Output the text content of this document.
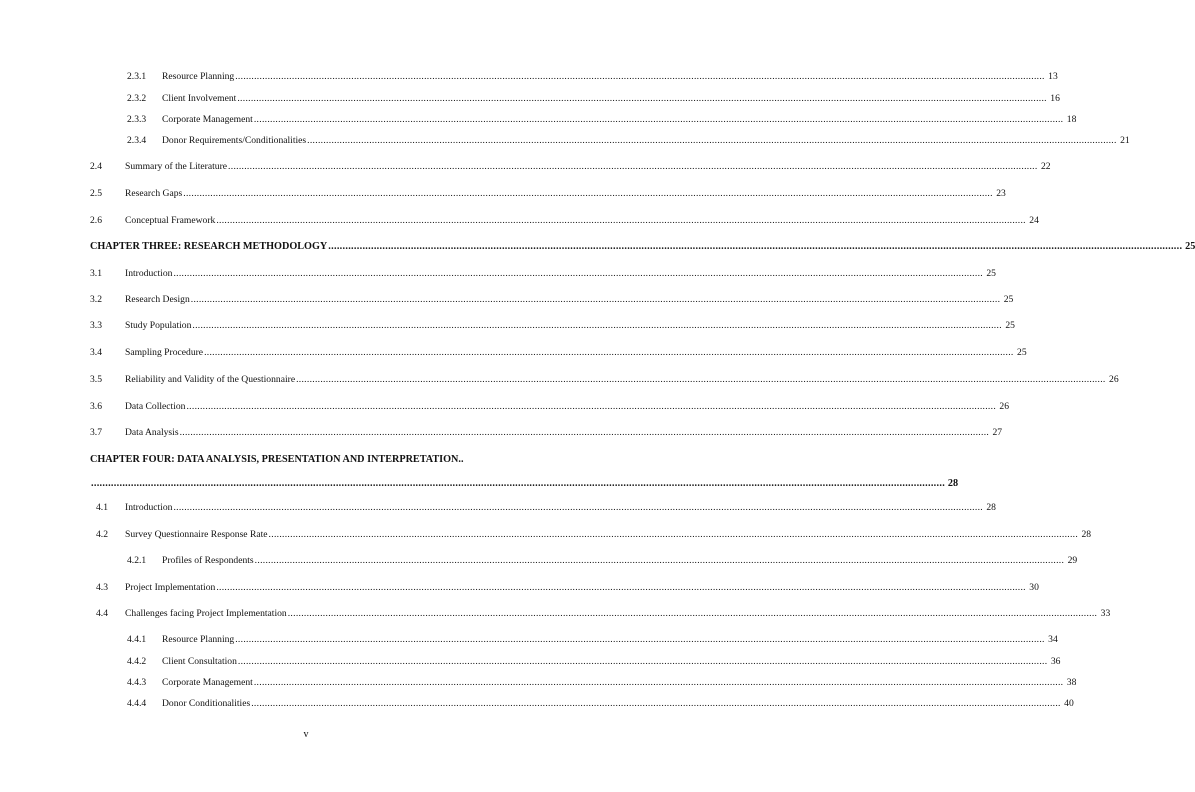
2.3.1 Resource Planning ............................................................................................................................................................................................................................................................................................................ 13
2.3.2 Client Involvement ............................................................................................................................................................................................................................................................................................................ 16
2.3.3 Corporate Management ............................................................................................................................................................................................................................................................................................................ 18
2.3.4 Donor Requirements/Conditionalities ............................................................................................................................................................................................................................................................................................................ 21
2.4 Summary of the Literature ............................................................................................................................................................................................................................................................................................................ 22
2.5 Research Gaps ............................................................................................................................................................................................................................................................................................................ 23
2.6 Conceptual Framework ............................................................................................................................................................................................................................................................................................................ 24
CHAPTER THREE: RESEARCH METHODOLOGY ............................................................................................................................................................................................................................................................................................................ 25
3.1 Introduction ............................................................................................................................................................................................................................................................................................................ 25
3.2 Research Design ............................................................................................................................................................................................................................................................................................................ 25
3.3 Study Population ............................................................................................................................................................................................................................................................................................................ 25
3.4 Sampling Procedure ............................................................................................................................................................................................................................................................................................................ 25
3.5 Reliability and Validity of the Questionnaire ............................................................................................................................................................................................................................................................................................................ 26
3.6 Data Collection ............................................................................................................................................................................................................................................................................................................ 26
3.7 Data Analysis ............................................................................................................................................................................................................................................................................................................ 27
CHAPTER FOUR: DATA ANALYSIS, PRESENTATION AND INTERPRETATION..
............................................................................................................................................................................................................................................................................................................ 28
4.1 Introduction ............................................................................................................................................................................................................................................................................................................ 28
4.2 Survey Questionnaire Response Rate ............................................................................................................................................................................................................................................................................................................ 28
4.2.1 Profiles of Respondents ............................................................................................................................................................................................................................................................................................................ 29
4.3 Project Implementation ............................................................................................................................................................................................................................................................................................................ 30
4.4 Challenges facing Project Implementation ............................................................................................................................................................................................................................................................................................................ 33
4.4.1 Resource Planning ............................................................................................................................................................................................................................................................................................................ 34
4.4.2 Client Consultation ............................................................................................................................................................................................................................................................................................................ 36
4.4.3 Corporate Management ............................................................................................................................................................................................................................................................................................................ 38
4.4.4 Donor Conditionalities ............................................................................................................................................................................................................................................................................................................ 40
v
